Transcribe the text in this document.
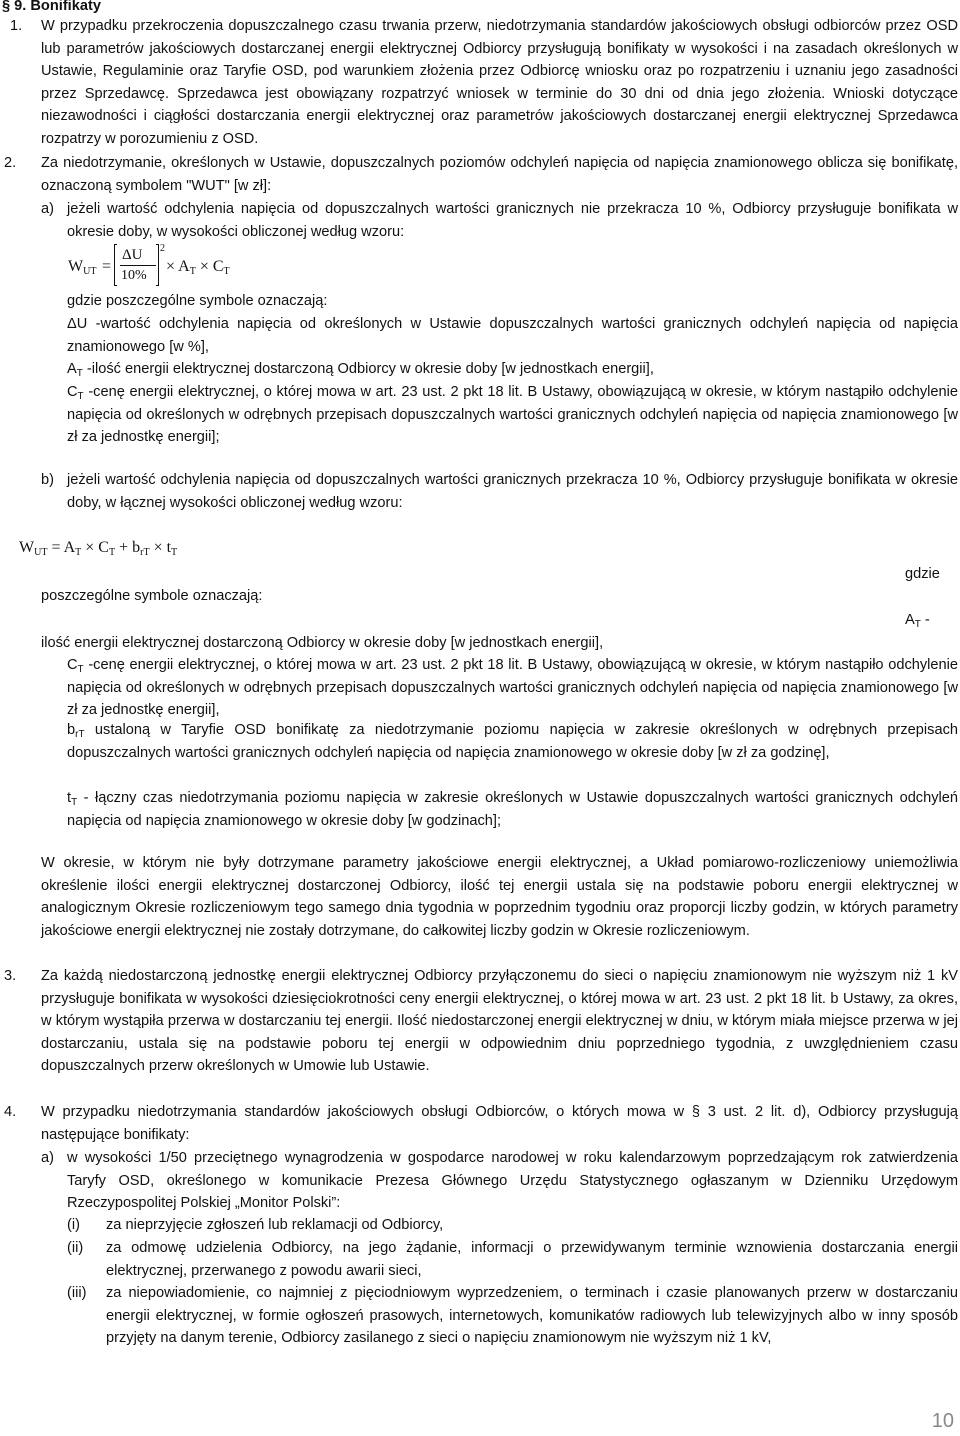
§ 9. Bonifikaty
1. W przypadku przekroczenia dopuszczalnego czasu trwania przerw, niedotrzymania standardów jakościowych obsługi odbiorców przez OSD lub parametrów jakościowych dostarczanej energii elektrycznej Odbiorcy przysługują bonifikaty w wysokości i na zasadach określonych w Ustawie, Regulaminie oraz Taryfie OSD, pod warunkiem złożenia przez Odbiorcę wniosku oraz po rozpatrzeniu i uznaniu jego zasadności przez Sprzedawcę. Sprzedawca jest obowiązany rozpatrzyć wniosek w terminie do 30 dni od dnia jego złożenia. Wnioski dotyczące niezawodności i ciągłości dostarczania energii elektrycznej oraz parametrów jakościowych dostarczanej energii elektrycznej Sprzedawca rozpatrzy w porozumieniu z OSD.

2. Za niedotrzymanie, określonych w Ustawie, dopuszczalnych poziomów odchyleń napięcia od napięcia znamionowego oblicza się bonifikatę, oznaczoną symbolem "WUT" [w zł]:

a) jeżeli wartość odchylenia napięcia od dopuszczalnych wartości granicznych nie przekracza 10 %, Odbiorcy przysługuje bonifikata w okresie doby, w wysokości obliczonej według wzoru:

$W_{UT}$ =
ΔU
10%
2
× $A_T \times C_T$

gdzie poszczególne symbole oznaczają:

ΔU -wartość odchylenia napięcia od określonych w Ustawie dopuszczalnych wartości granicznych odchyleń napięcia od napięcia znamionowego [w %],

$A_T$ -ilość energii elektrycznej dostarczoną Odbiorcy w okresie doby [w jednostkach energii],

$C_T$ -cenę energii elektrycznej, o której mowa w art. 23 ust. 2 pkt 18 lit. B Ustawy, obowiązującą w okresie, w którym nastąpiło odchylenie napięcia od określonych w odrębnych przepisach dopuszczalnych wartości granicznych odchyleń napięcia od napięcia znamionowego [w zł za jednostkę energii];

b) jeżeli wartość odchylenia napięcia od dopuszczalnych wartości granicznych przekracza 10 %, Odbiorcy przysługuje bonifikata w okresie doby, w łącznej wysokości obliczonej według wzoru:

$W_{UT} = A_T \times C_T + b_{rT} \times t_T$
gdzie
poszczególne symbole oznaczają:
$A_T$ -

ilość energii elektrycznej dostarczoną Odbiorcy w okresie doby [w jednostkach energii],

$C_T$ -cenę energii elektrycznej, o której mowa w art. 23 ust. 2 pkt 18 lit. B Ustawy, obowiązującą w okresie, w którym nastąpiło odchylenie napięcia od określonych w odrębnych przepisach dopuszczalnych wartości granicznych odchyleń napięcia od napięcia znamionowego [w zł za jednostkę energii],

$b_{rT}$ ustaloną w Taryfie OSD bonifikatę za niedotrzymanie poziomu napięcia w zakresie określonych w odrębnych przepisach dopuszczalnych wartości granicznych odchyleń napięcia od napięcia znamionowego w okresie doby [w zł za godzinę],

$t_T$ - łączny czas niedotrzymania poziomu napięcia w zakresie określonych w Ustawie dopuszczalnych wartości granicznych odchyleń napięcia od napięcia znamionowego w okresie doby [w godzinach];

W okresie, w którym nie były dotrzymane parametry jakościowe energii elektrycznej, a Układ pomiarowo-rozliczeniowy uniemożliwia określenie ilości energii elektrycznej dostarczonej Odbiorcy, ilość tej energii ustala się na podstawie poboru energii elektrycznej w analogicznym Okresie rozliczeniowym tego samego dnia tygodnia w poprzednim tygodniu oraz proporcji liczby godzin, w których parametry jakościowe energii elektrycznej nie zostały dotrzymane, do całkowitej liczby godzin w Okresie rozliczeniowym.

3. Za każdą niedostarczoną jednostkę energii elektrycznej Odbiorcy przyłączonemu do sieci o napięciu znamionowym nie wyższym niż 1 kV przysługuje bonifikata w wysokości dziesięciokrotności ceny energii elektrycznej, o której mowa w art. 23 ust. 2 pkt 18 lit. b Ustawy, za okres, w którym wystąpiła przerwa w dostarczaniu tej energii. Ilość niedostarczonej energii elektrycznej w dniu, w którym miała miejsce przerwa w jej dostarczaniu, ustala się na podstawie poboru tej energii w odpowiednim dniu poprzedniego tygodnia, z uwzględnieniem czasu dopuszczalnych przerw określonych w Umowie lub Ustawie.

4. W przypadku niedotrzymania standardów jakościowych obsługi Odbiorców, o których mowa w § 3 ust. 2 lit. d), Odbiorcy przysługują następujące bonifikaty:

a) w wysokości 1/50 przeciętnego wynagrodzenia w gospodarce narodowej w roku kalendarzowym poprzedzającym rok zatwierdzenia Taryfy OSD, określonego w komunikacie Prezesa Głównego Urzędu Statystycznego ogłaszanym w Dzienniku Urzędowym Rzeczypospolitej Polskiej „Monitor Polski”:

(i) za nieprzyjęcie zgłoszeń lub reklamacji od Odbiorcy,

(ii) za odmowę udzielenia Odbiorcy, na jego żądanie, informacji o przewidywanym terminie wznowienia dostarczania energii elektrycznej, przerwanego z powodu awarii sieci,

(iii) za niepowiadomienie, co najmniej z pięciodniowym wyprzedzeniem, o terminach i czasie planowanych przerw w dostarczaniu energii elektrycznej, w formie ogłoszeń prasowych, internetowych, komunikatów radiowych lub telewizyjnych albo w inny sposób przyjęty na danym terenie, Odbiorcy zasilanego z sieci o napięciu znamionowym nie wyższym niż 1 kV,

10
